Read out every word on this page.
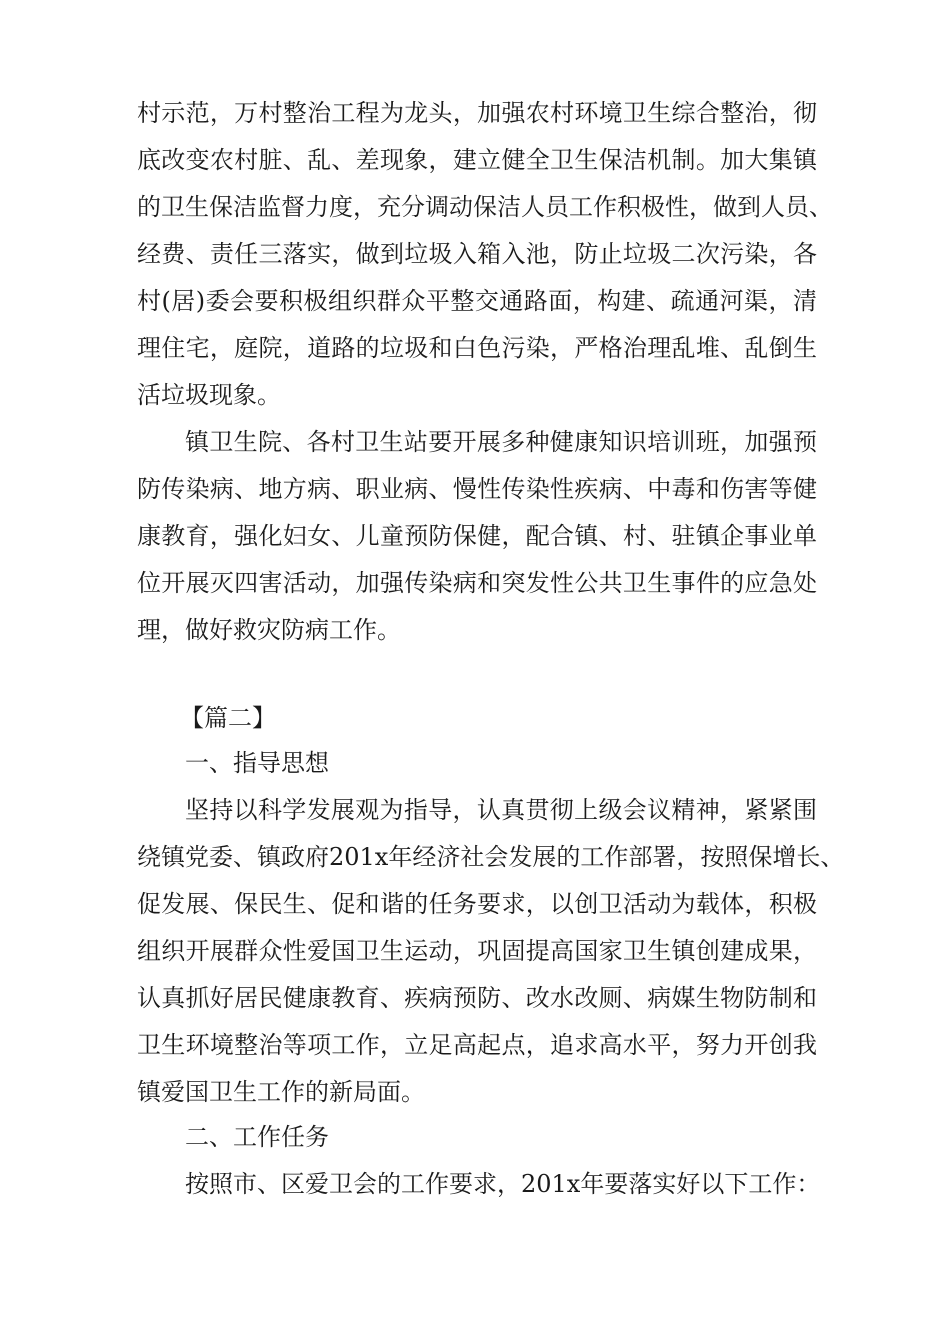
村示范，万村整治工程为龙头，加强农村环境卫生综合整治，彻
底改变农村脏、乱、差现象，建立健全卫生保洁机制。加大集镇
的卫生保洁监督力度，充分调动保洁人员工作积极性，做到人员、
经费、责任三落实，做到垃圾入箱入池，防止垃圾二次污染，各
村(居)委会要积极组织群众平整交通路面，构建、疏通河渠，清
理住宅，庭院，道路的垃圾和白色污染，严格治理乱堆、乱倒生
活垃圾现象。
镇卫生院、各村卫生站要开展多种健康知识培训班，加强预
防传染病、地方病、职业病、慢性传染性疾病、中毒和伤害等健
康教育，强化妇女、儿童预防保健，配合镇、村、驻镇企事业单
位开展灭四害活动，加强传染病和突发性公共卫生事件的应急处
理，做好救灾防病工作。
【篇二】
一、指导思想
坚持以科学发展观为指导，认真贯彻上级会议精神，紧紧围
绕镇党委、镇政府201x年经济社会发展的工作部署，按照保增长、
促发展、保民生、促和谐的任务要求，以创卫活动为载体，积极
组织开展群众性爱国卫生运动，巩固提高国家卫生镇创建成果，
认真抓好居民健康教育、疾病预防、改水改厕、病媒生物防制和
卫生环境整治等项工作，立足高起点，追求高水平，努力开创我
镇爱国卫生工作的新局面。
二、工作任务
按照市、区爱卫会的工作要求，201x年要落实好以下工作：
